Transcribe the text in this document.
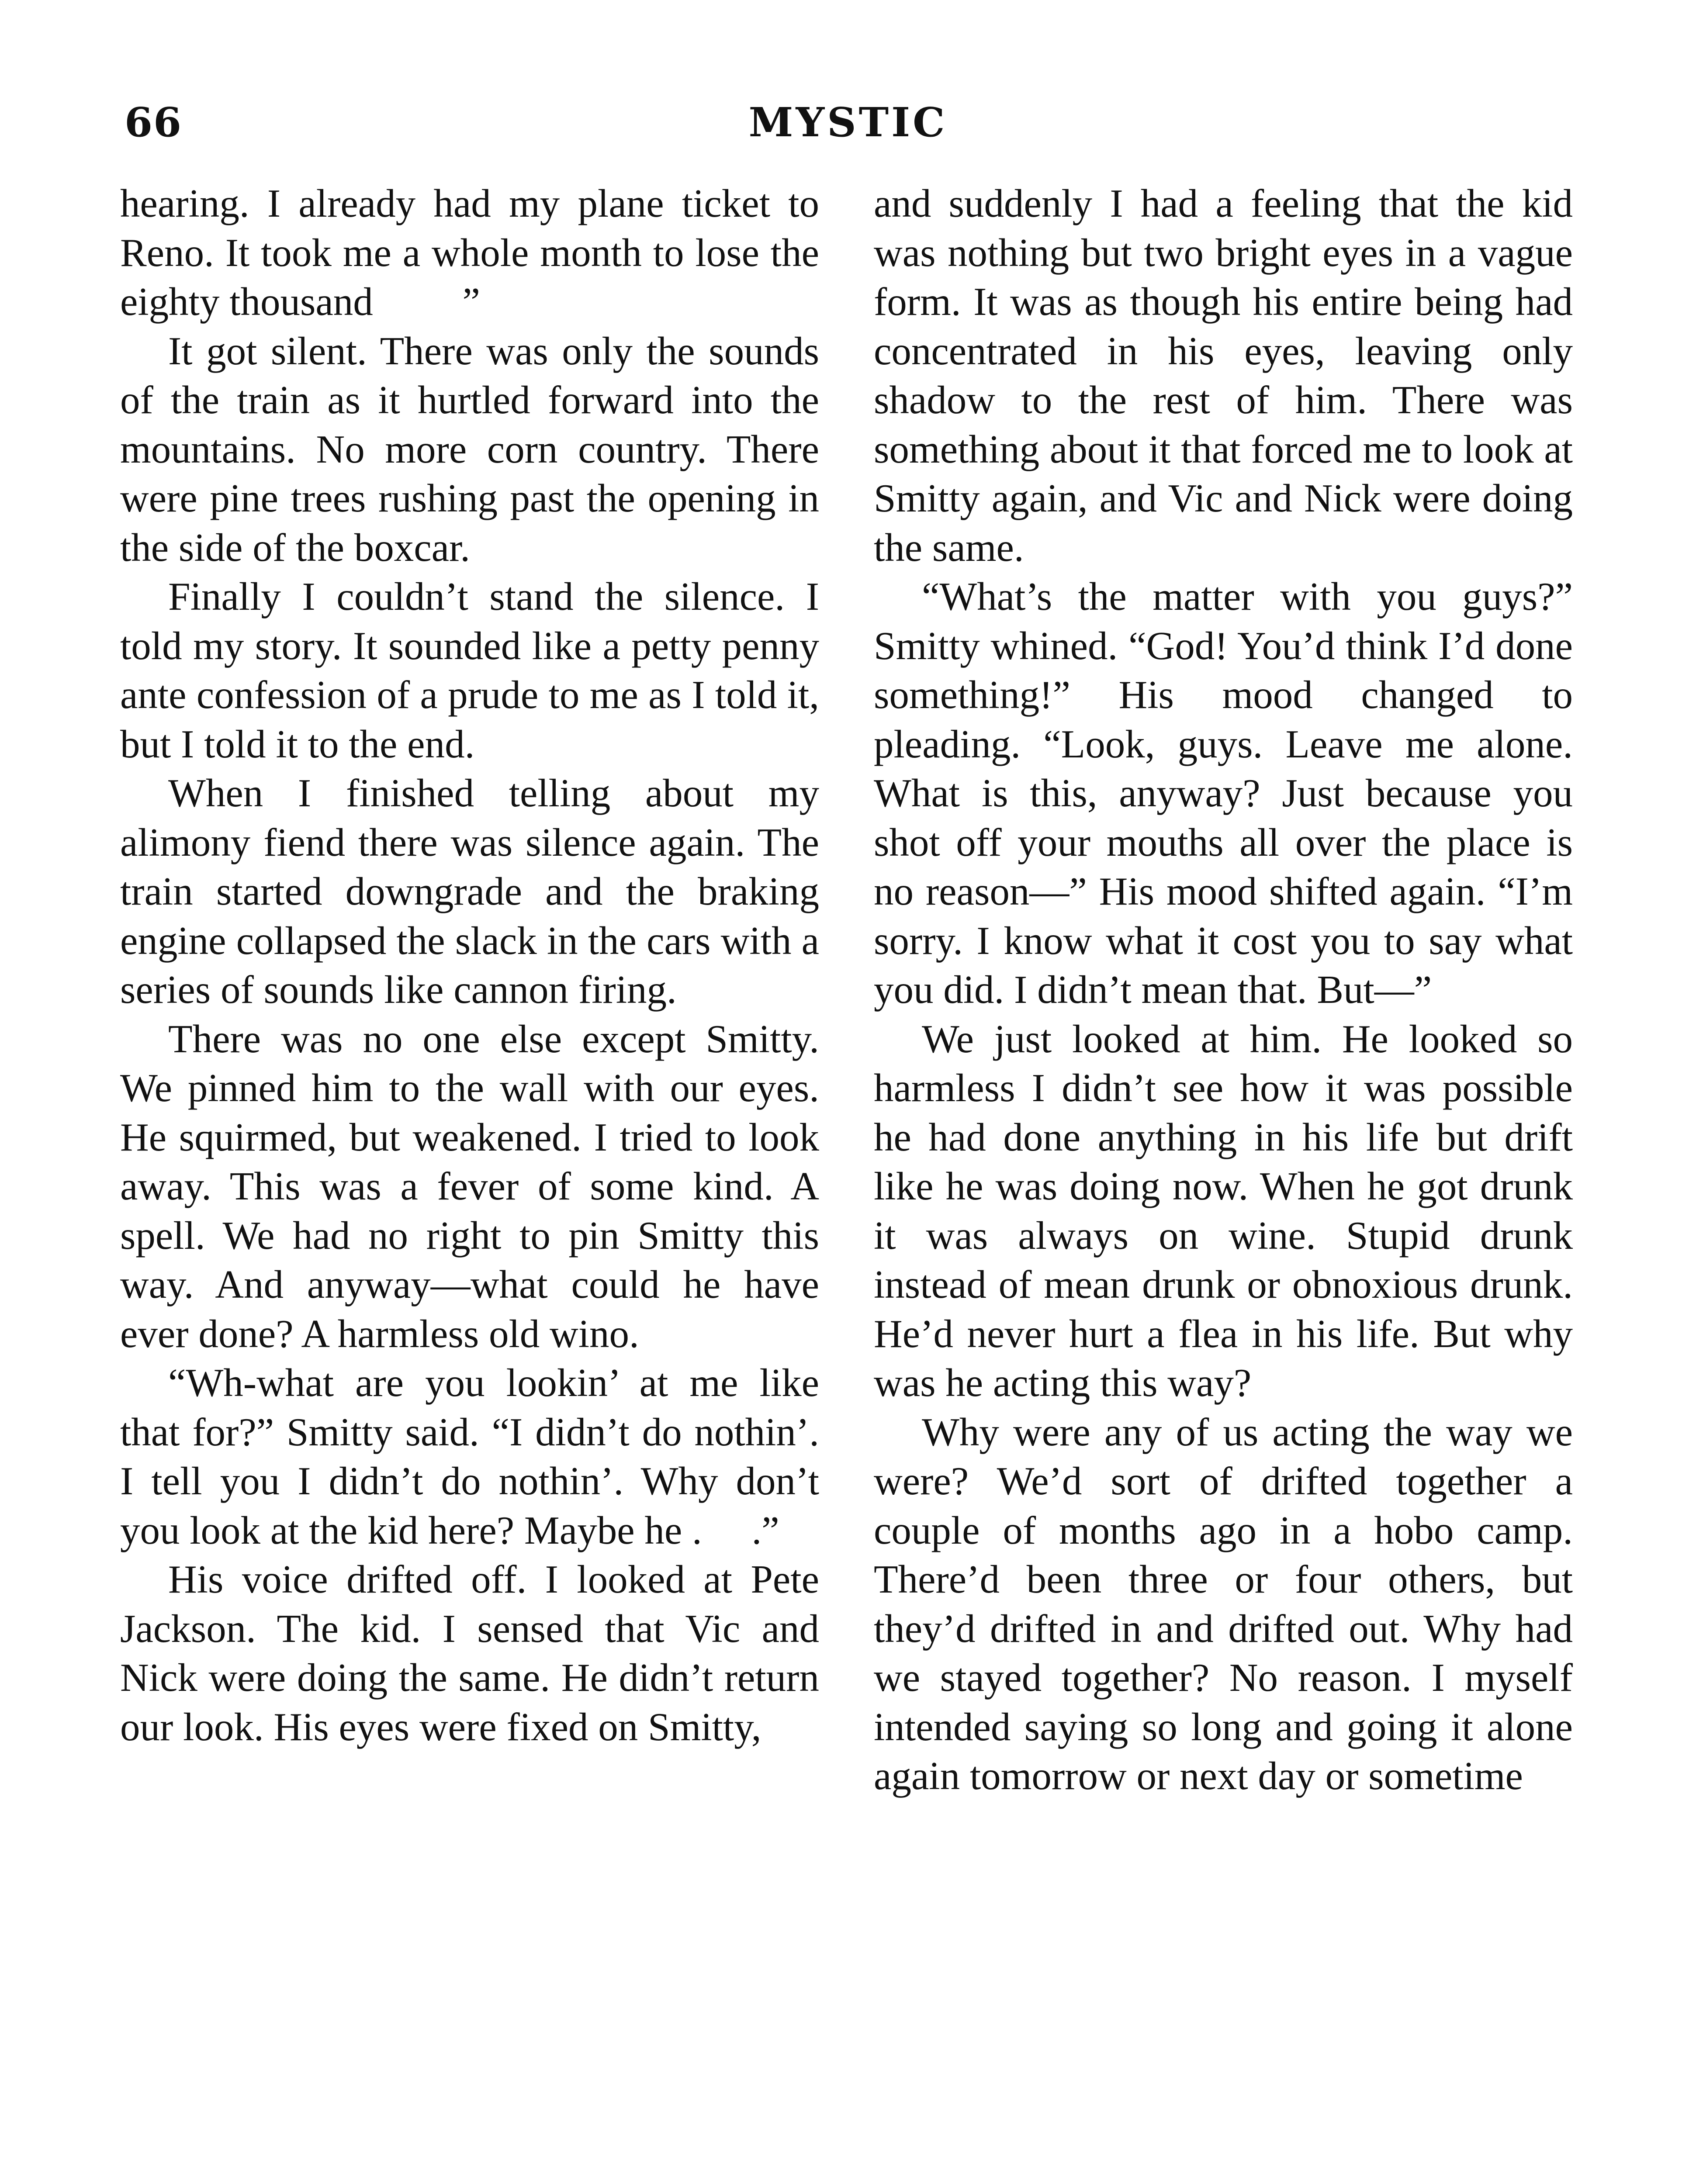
66	MYSTIC

hearing. I already had my plane ticket to Reno. It took me a whole month to lose the eighty thousand   ”

It got silent. There was only the sounds of the train as it hurtled forward into the mountains. No more corn country. There were pine trees rushing past the opening in the side of the boxcar.

Finally I couldn’t stand the silence. I told my story. It sounded like a petty penny ante confession of a prude to me as I told it, but I told it to the end.

When I finished telling about my alimony fiend there was silence again. The train started downgrade and the braking engine collapsed the slack in the cars with a series of sounds like cannon firing.

There was no one else except Smitty. We pinned him to the wall with our eyes. He squirmed, but weakened. I tried to look away. This was a fever of some kind. A spell. We had no right to pin Smitty this way. And anyway—what could he have ever done? A harmless old wino.

“Wh-what are you lookin’ at me like that for?” Smitty said. “I didn’t do nothin’. I tell you I didn’t do nothin’. Why don’t you look at the kid here? Maybe he .  .”

His voice drifted off. I looked at Pete Jackson. The kid. I sensed that Vic and Nick were doing the same. He didn’t return our look. His eyes were fixed on Smitty,

and suddenly I had a feeling that the kid was nothing but two bright eyes in a vague form. It was as though his entire being had concentrated in his eyes, leaving only shadow to the rest of him. There was something about it that forced me to look at Smitty again, and Vic and Nick were doing the same.

“What’s the matter with you guys?” Smitty whined. “God! You’d think I’d done something!” His mood changed to pleading. “Look, guys. Leave me alone. What is this, anyway? Just because you shot off your mouths all over the place is no reason—” His mood shifted again. “I’m sorry. I know what it cost you to say what you did. I didn’t mean that. But—”

We just looked at him. He looked so harmless I didn’t see how it was possible he had done anything in his life but drift like he was doing now. When he got drunk it was always on wine. Stupid drunk instead of mean drunk or obnoxious drunk. He’d never hurt a flea in his life. But why was he acting this way?

Why were any of us acting the way we were? We’d sort of drifted together a couple of months ago in a hobo camp. There’d been three or four others, but they’d drifted in and drifted out. Why had we stayed together? No reason. I myself intended saying so long and going it alone again tomorrow or next day or sometime
